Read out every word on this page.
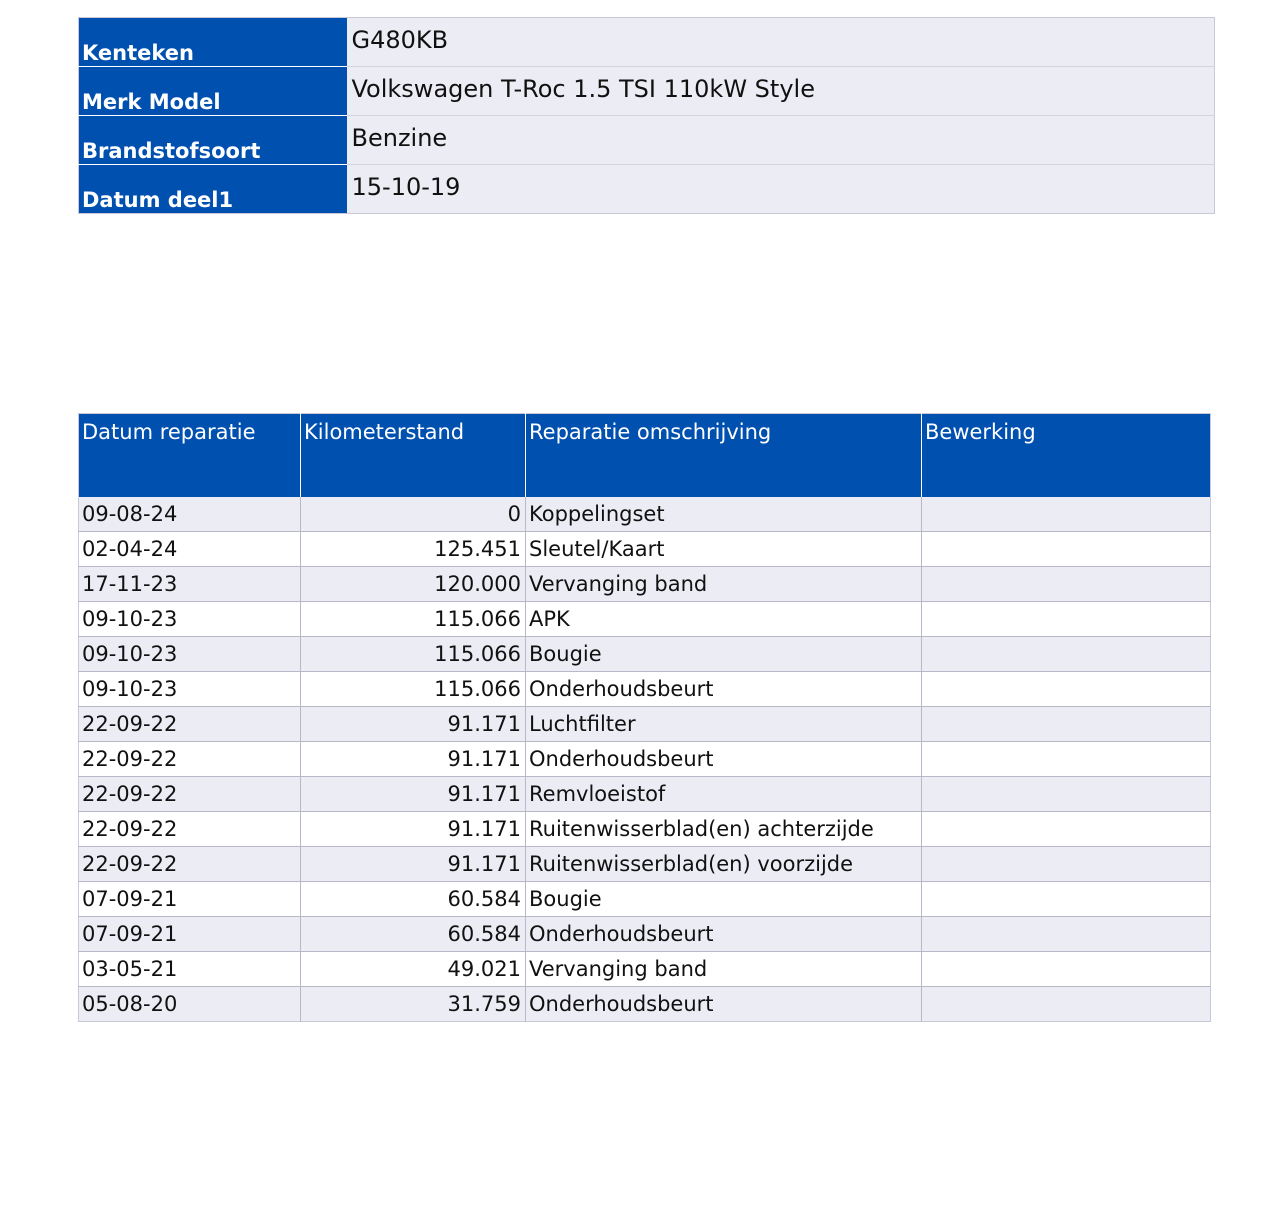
Kenteken	G480KB
Merk Model	Volkswagen T-Roc 1.5 TSI 110kW Style
Brandstofsoort	Benzine
Datum deel1	15-10-19
Datum reparatie	Kilometerstand	Reparatie omschrijving	Bewerking
09-08-24	0	Koppelingset	
02-04-24	125.451	Sleutel/Kaart	
17-11-23	120.000	Vervanging band	
09-10-23	115.066	APK	
09-10-23	115.066	Bougie	
09-10-23	115.066	Onderhoudsbeurt	
22-09-22	91.171	Luchtfilter	
22-09-22	91.171	Onderhoudsbeurt	
22-09-22	91.171	Remvloeistof	
22-09-22	91.171	Ruitenwisserblad(en) achterzijde	
22-09-22	91.171	Ruitenwisserblad(en) voorzijde	
07-09-21	60.584	Bougie	
07-09-21	60.584	Onderhoudsbeurt	
03-05-21	49.021	Vervanging band	
05-08-20	31.759	Onderhoudsbeurt	
